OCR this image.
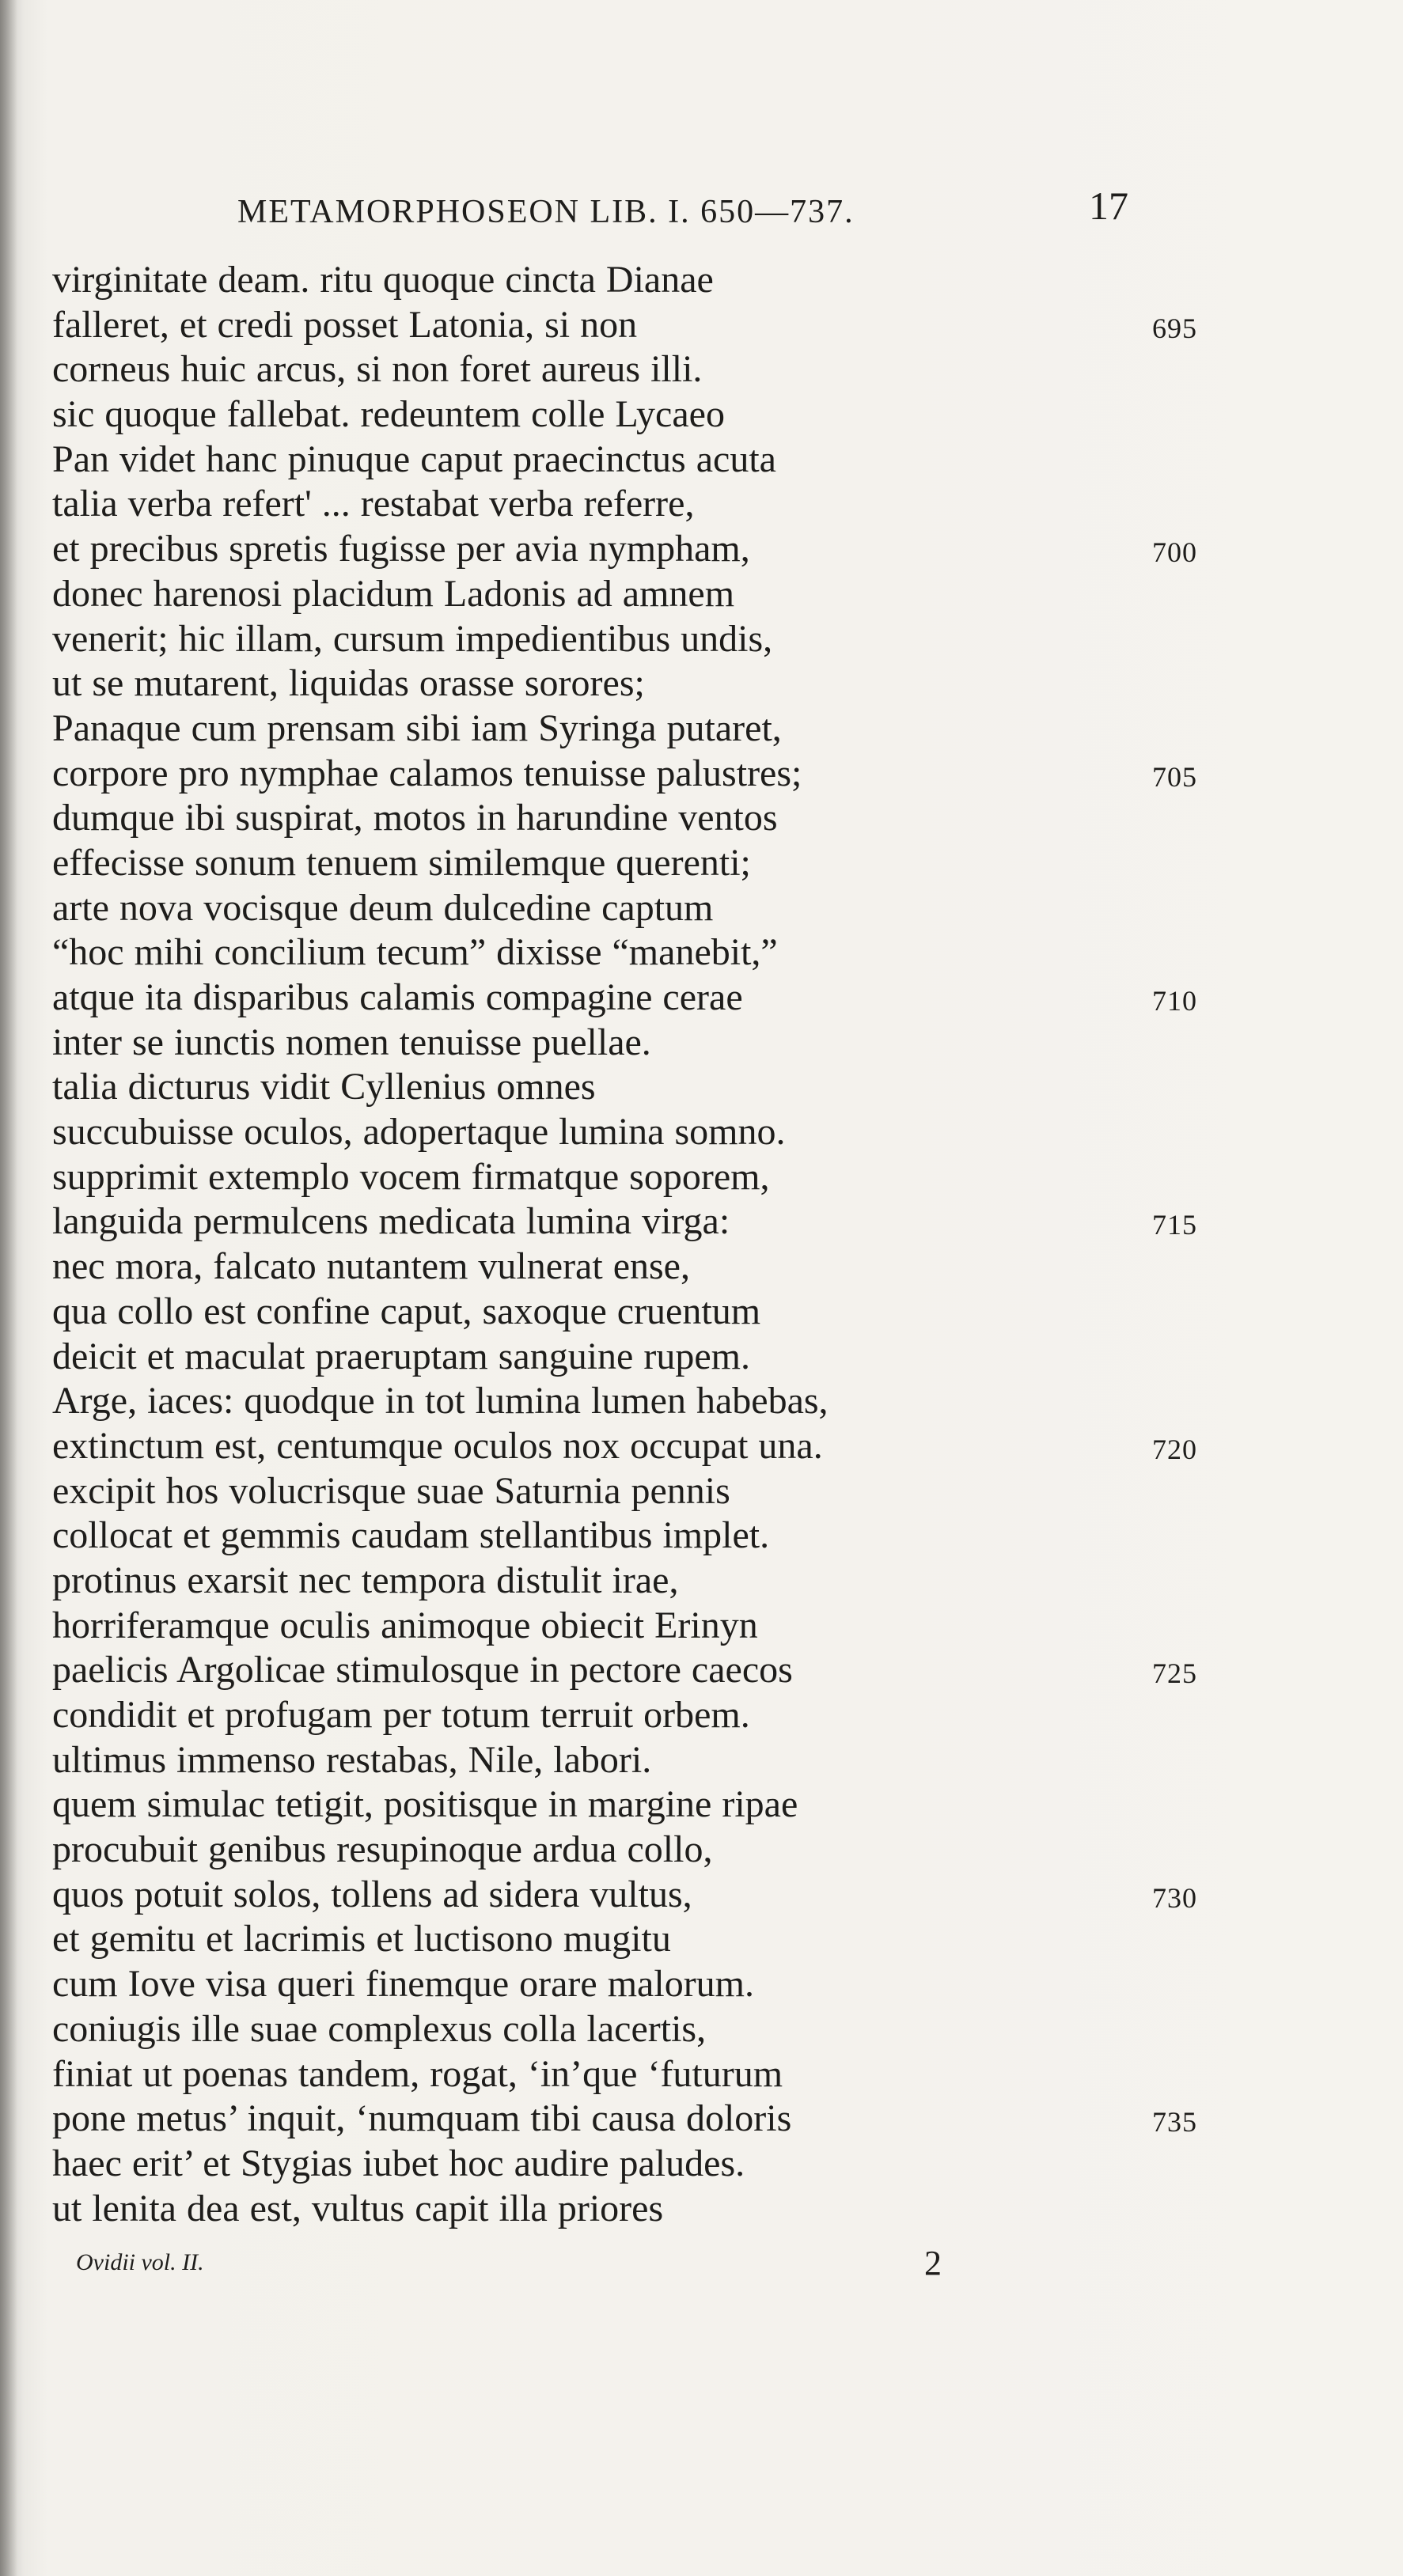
METAMORPHOSEON LIB. I. 650—737.	17
virginitate deam. ritu quoque cincta Dianae
falleret, et credi posset Latonia, si non	695
corneus huic arcus, si non foret aureus illi.
sic quoque fallebat. redeuntem colle Lycaeo
Pan videt hanc pinuque caput praecinctus acuta
talia verba refert' ... restabat verba referre,
et precibus spretis fugisse per avia nympham,	700
donec harenosi placidum Ladonis ad amnem
venerit; hic illam, cursum impedientibus undis,
ut se mutarent, liquidas orasse sorores;
Panaque cum prensam sibi iam Syringa putaret,
corpore pro nymphae calamos tenuisse palustres;	705
dumque ibi suspirat, motos in harundine ventos
effecisse sonum tenuem similemque querenti;
arte nova vocisque deum dulcedine captum
“hoc mihi concilium tecum” dixisse “manebit,”
atque ita disparibus calamis compagine cerae	710
inter se iunctis nomen tenuisse puellae.
talia dicturus vidit Cyllenius omnes
succubuisse oculos, adopertaque lumina somno.
supprimit extemplo vocem firmatque soporem,
languida permulcens medicata lumina virga:	715
nec mora, falcato nutantem vulnerat ense,
qua collo est confine caput, saxoque cruentum
deicit et maculat praeruptam sanguine rupem.
Arge, iaces: quodque in tot lumina lumen habebas,
extinctum est, centumque oculos nox occupat una.	720
excipit hos volucrisque suae Saturnia pennis
collocat et gemmis caudam stellantibus implet.
protinus exarsit nec tempora distulit irae,
horriferamque oculis animoque obiecit Erinyn
paelicis Argolicae stimulosque in pectore caecos	725
condidit et profugam per totum terruit orbem.
ultimus immenso restabas, Nile, labori.
quem simulac tetigit, positisque in margine ripae
procubuit genibus resupinoque ardua collo,
quos potuit solos, tollens ad sidera vultus,	730
et gemitu et lacrimis et luctisono mugitu
cum Iove visa queri finemque orare malorum.
coniugis ille suae complexus colla lacertis,
finiat ut poenas tandem, rogat, ‘in’que ‘futurum
pone metus’ inquit, ‘numquam tibi causa doloris	735
haec erit’ et Stygias iubet hoc audire paludes.
ut lenita dea est, vultus capit illa priores
Ovidii vol. II.	2
